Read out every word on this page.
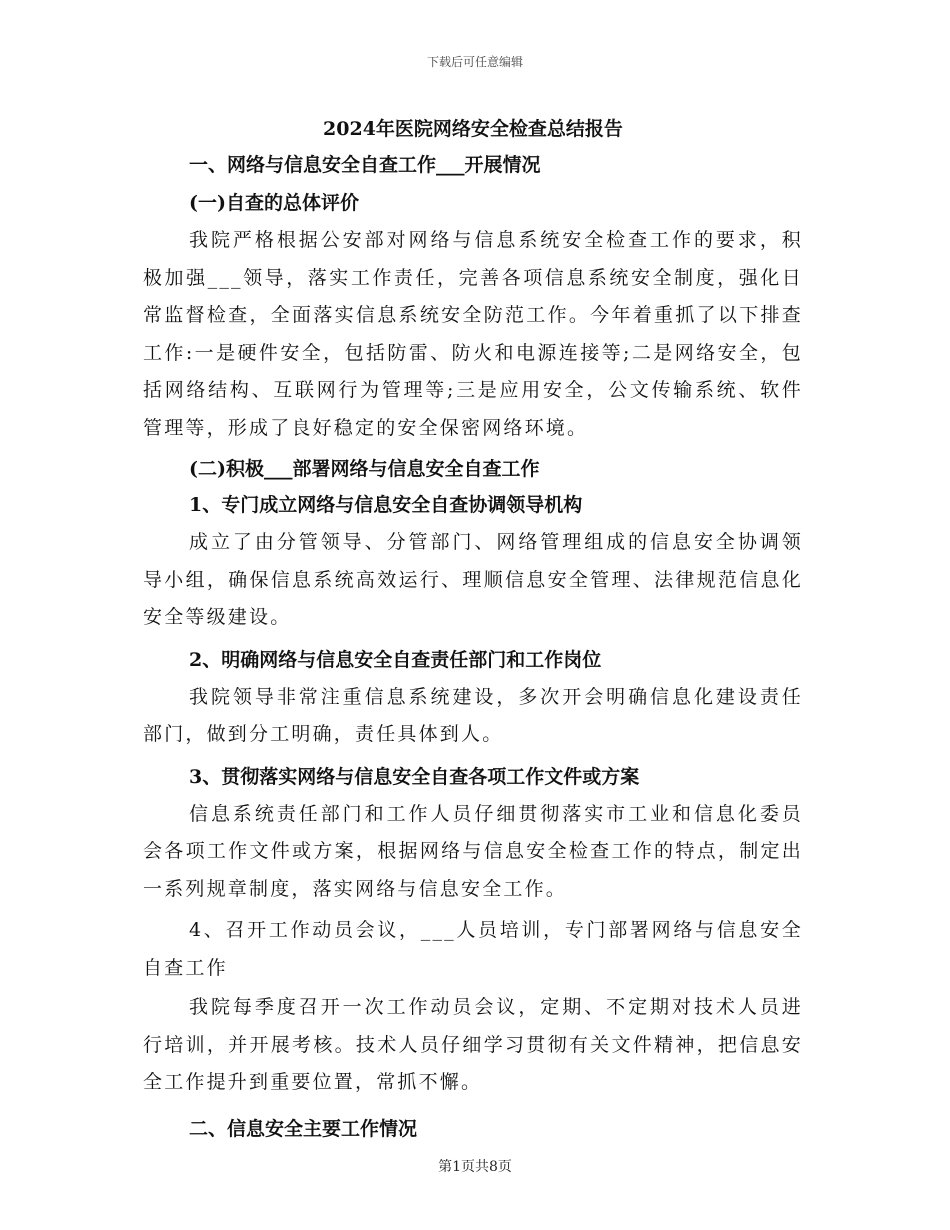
下载后可任意编辑
2024年医院网络安全检查总结报告
一、网络与信息安全自查工作___开展情况
(一)自查的总体评价

我院严格根据公安部对网络与信息系统安全检查工作的要求，积极加强___领导，落实工作责任，完善各项信息系统安全制度，强化日常监督检查，全面落实信息系统安全防范工作。今年着重抓了以下排查工作:一是硬件安全，包括防雷、防火和电源连接等;二是网络安全，包括网络结构、互联网行为管理等;三是应用安全，公文传输系统、软件管理等，形成了良好稳定的安全保密网络环境。

(二)积极___部署网络与信息安全自查工作
1、专门成立网络与信息安全自查协调领导机构

成立了由分管领导、分管部门、网络管理组成的信息安全协调领导小组，确保信息系统高效运行、理顺信息安全管理、法律规范信息化安全等级建设。

2、明确网络与信息安全自查责任部门和工作岗位

我院领导非常注重信息系统建设，多次开会明确信息化建设责任部门，做到分工明确，责任具体到人。

3、贯彻落实网络与信息安全自查各项工作文件或方案

信息系统责任部门和工作人员仔细贯彻落实市工业和信息化委员会各项工作文件或方案，根据网络与信息安全检查工作的特点，制定出一系列规章制度，落实网络与信息安全工作。

4、召开工作动员会议，___人员培训，专门部署网络与信息安全自查工作

我院每季度召开一次工作动员会议，定期、不定期对技术人员进行培训，并开展考核。技术人员仔细学习贯彻有关文件精神，把信息安全工作提升到重要位置，常抓不懈。

二、信息安全主要工作情况
第1页共8页
